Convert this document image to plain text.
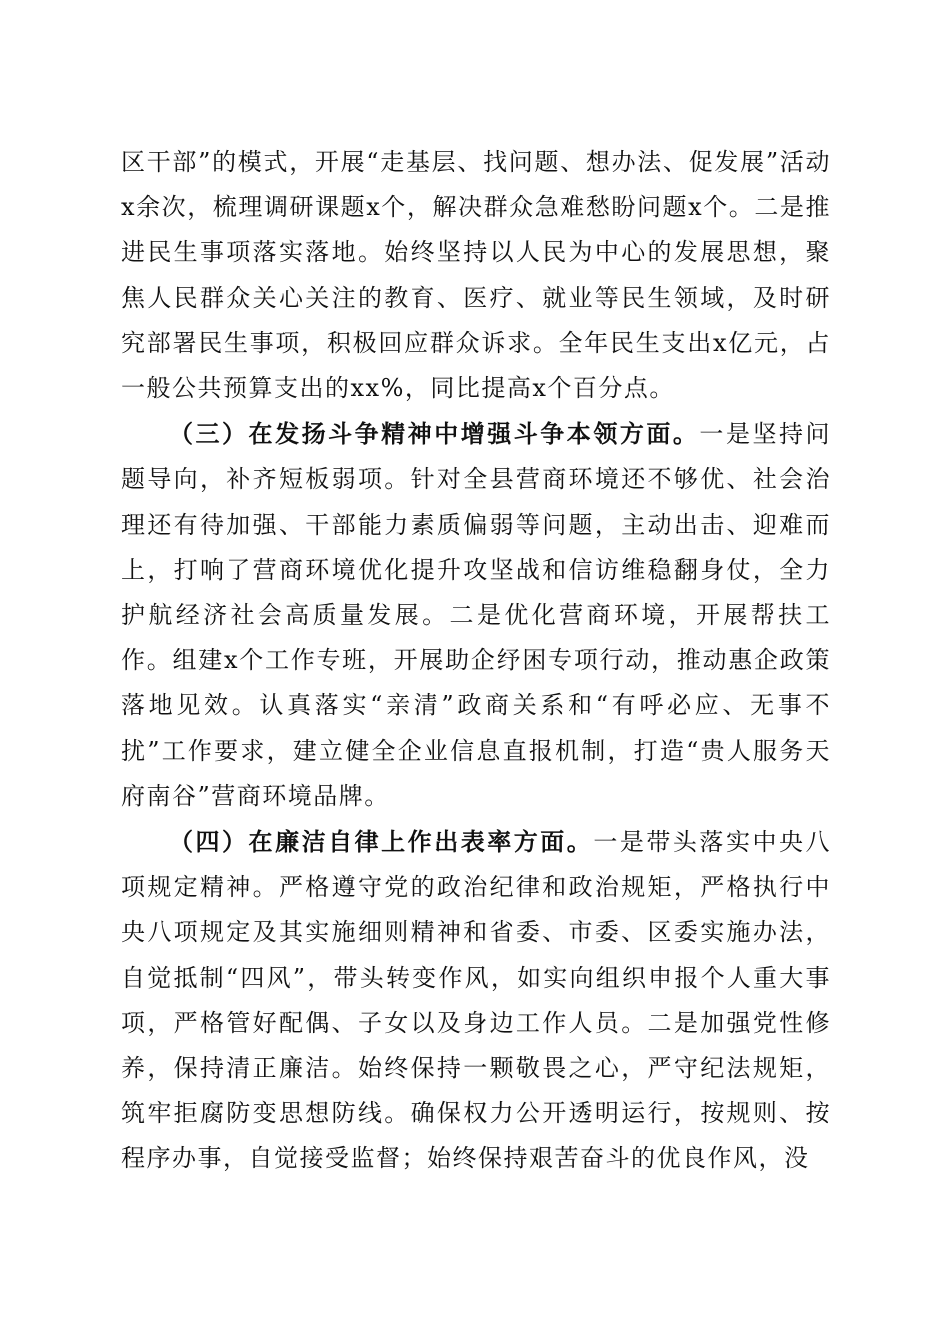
区干部”的模式，开展“走基层、找问题、想办法、促发展”活动x余次，梳理调研课题x个，解决群众急难愁盼问题x个。二是推进民生事项落实落地。始终坚持以人民为中心的发展思想，聚焦人民群众关心关注的教育、医疗、就业等民生领域，及时研究部署民生事项，积极回应群众诉求。全年民生支出x亿元，占一般公共预算支出的xx%，同比提高x个百分点。

（三）在发扬斗争精神中增强斗争本领方面。一是坚持问题导向，补齐短板弱项。针对全县营商环境还不够优、社会治理还有待加强、干部能力素质偏弱等问题，主动出击、迎难而上，打响了营商环境优化提升攻坚战和信访维稳翻身仗，全力护航经济社会高质量发展。二是优化营商环境，开展帮扶工作。组建x个工作专班，开展助企纾困专项行动，推动惠企政策落地见效。认真落实“亲清”政商关系和“有呼必应、无事不扰”工作要求，建立健全企业信息直报机制，打造“贵人服务天府南谷”营商环境品牌。

（四）在廉洁自律上作出表率方面。一是带头落实中央八项规定精神。严格遵守党的政治纪律和政治规矩，严格执行中央八项规定及其实施细则精神和省委、市委、区委实施办法，自觉抵制“四风”，带头转变作风，如实向组织申报个人重大事项，严格管好配偶、子女以及身边工作人员。二是加强党性修养，保持清正廉洁。始终保持一颗敬畏之心，严守纪法规矩，筑牢拒腐防变思想防线。确保权力公开透明运行，按规则、按程序办事，自觉接受监督；始终保持艰苦奋斗的优良作风，没
